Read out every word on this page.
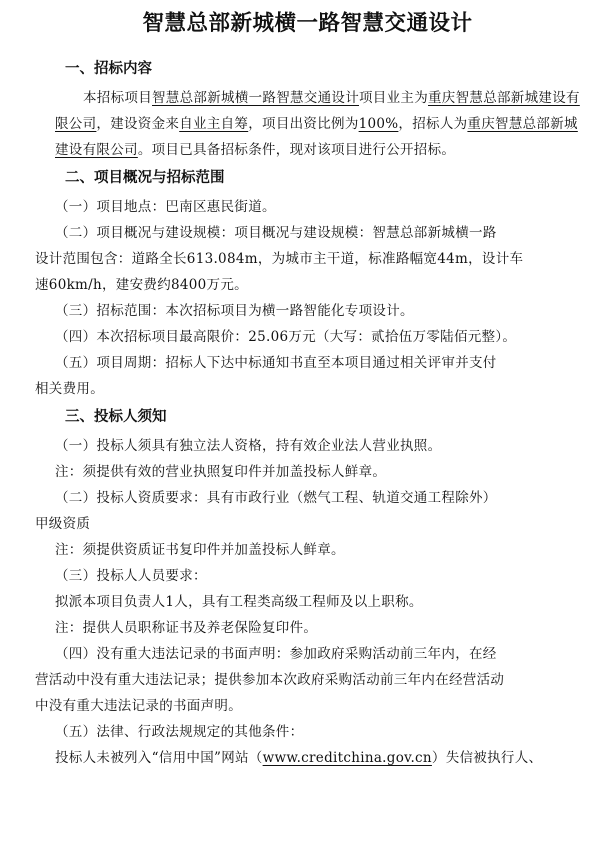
智慧总部新城横一路智慧交通设计
一、招标内容

本招标项目智慧总部新城横一路智慧交通设计项目业主为重庆智慧总部新城建设有限公司，建设资金来自业主自筹，项目出资比例为100%，招标人为重庆智慧总部新城建设有限公司。项目已具备招标条件，现对该项目进行公开招标。

二、项目概况与招标范围

（一）项目地点：巴南区惠民街道。

（二）项目概况与建设规模：项目概况与建设规模：智慧总部新城横一路

设计范围包含：道路全长613.084m，为城市主干道，标准路幅宽44m，设计车

速60km/h，建安费约8400万元。

（三）招标范围：本次招标项目为横一路智能化专项设计。

（四）本次招标项目最高限价：25.06万元（大写：贰拾伍万零陆佰元整）。

（五）项目周期：招标人下达中标通知书直至本项目通过相关评审并支付

相关费用。

三、投标人须知

（一）投标人须具有独立法人资格，持有效企业法人营业执照。

注：须提供有效的营业执照复印件并加盖投标人鲜章。

（二）投标人资质要求：具有市政行业（燃气工程、轨道交通工程除外）

甲级资质

注：须提供资质证书复印件并加盖投标人鲜章。

（三）投标人人员要求：

拟派本项目负责人1人，具有工程类高级工程师及以上职称。

注：提供人员职称证书及养老保险复印件。

（四）没有重大违法记录的书面声明：参加政府采购活动前三年内，在经

营活动中没有重大违法记录；提供参加本次政府采购活动前三年内在经营活动

中没有重大违法记录的书面声明。

（五）法律、行政法规规定的其他条件：

投标人未被列入“信用中国”网站（www.creditchina.gov.cn）失信被执行人、
